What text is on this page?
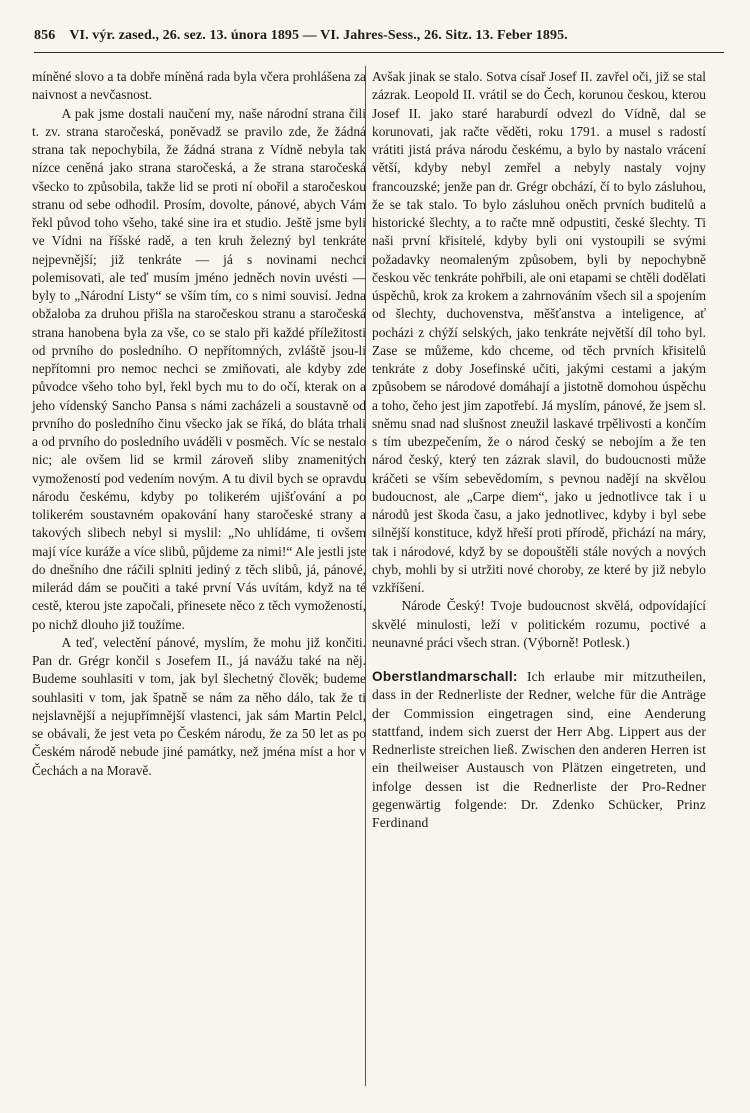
856 VI. výr. zased., 26. sez. 13. února 1895 — VI. Jahres-Sess., 26. Sitz. 13. Feber 1895.

míněné slovo a ta dobře míněná rada byla včera prohlášena za naivnost a nevčasnost.

A pak jsme dostali naučení my, naše národní strana čili t. zv. strana staročeská, poněvadž se pravilo zde, že žádná strana tak nepochybila, že žádná strana z Vídně nebyla tak nízce ceněná jako strana staročeská, a že strana staročeská všecko to způsobila, takže lid se proti ní obořil a staročeskou stranu od sebe odhodil. Prosím, dovolte, pánové, abych Vám řekl původ toho všeho, také sine ira et studio. Ještě jsme byli ve Vídni na říšské radě, a ten kruh železný byl tenkráte nejpevnější; již tenkráte — já s novinami nechci polemisovati, ale teď musím jméno jedněch novin uvésti — byly to „Národní Listy“ se vším tím, co s nimi souvisí. Jedna obžaloba za druhou přišla na staročeskou stranu a staročeská strana hanobena byla za vše, co se stalo při každé příležitosti od prvního do posledního. O nepřítomných, zvláště jsou-li nepřítomni pro nemoc nechci se zmiňovati, ale kdyby zde původce všeho toho byl, řekl bych mu to do očí, kterak on a jeho vídenský Sancho Pansa s námi zacházeli a soustavně od prvního do posledního činu všecko jak se říká, do bláta trhali a od prvního do posledního uváděli v posměch. Víc se nestalo nic; ale ovšem lid se krmil zároveň sliby znamenitých vymožeností pod vedením novým. A tu divil bych se opravdu národu českému, kdyby po tolikerém ujišťování a po tolikerém soustavném opakování hany staročeské strany a takových slibech nebyl si myslil: „No uhlídáme, ti ovšem mají více kuráže a více slibů, půjdeme za nimi!“ Ale jestli jste do dnešního dne ráčili splniti jediný z těch slibů, já, pánové, milerád dám se poučiti a také první Vás uvítám, když na té cestě, kterou jste započali, přinesete něco z těch vymožeností, po nichž dlouho již toužíme.

A teď, velectění pánové, myslím, že mohu již končiti. Pan dr. Grégr končil s Josefem II., já navážu také na něj. Budeme souhlasiti v tom, jak byl šlechetný člověk; budeme souhlasiti v tom, jak špatně se nám za něho dálo, tak že ti nejslavnější a nejupřímnější vlastenci, jak sám Martin Pelcl, se obávali, že jest veta po Českém národu, že za 50 let as po Českém národě nebude jiné památky, než jména míst a hor v Čechách a na Moravě.

Avšak jinak se stalo. Sotva císař Josef II. zavřel oči, již se stal zázrak. Leopold II. vrátil se do Čech, korunou českou, kterou Josef II. jako staré haraburdí odvezl do Vídně, dal se korunovati, jak račte věděti, roku 1791. a musel s radostí vrátiti jistá práva národu českému, a bylo by nastalo vrácení větší, kdyby nebyl zemřel a nebyly nastaly vojny francouzské; jenže pan dr. Grégr obchází, čí to bylo zásluhou, že se tak stalo. To bylo zásluhou oněch prvních buditelů a historické šlechty, a to račte mně odpustiti, české šlechty. Ti naši první křisitelé, kdyby byli oni vystoupili se svými požadavky neomaleným způsobem, byli by nepochybně českou věc tenkráte pohřbili, ale oni etapami se chtěli dodělati úspěchů, krok za krokem a zahrnováním všech sil a spojením od šlechty, duchovenstva, měšťanstva a inteligence, ať pocházi z chýží selských, jako tenkráte největší díl toho byl. Zase se můžeme, kdo chceme, od těch prvních křisitelů tenkráte z doby Josefinské učiti, jakými cestami a jakým způsobem se národové domáhají a jistotně domohou úspěchu a toho, čeho jest jim zapotřebí. Já myslím, pánové, že jsem sl. sněmu snad nad slušnost zneužil laskavé trpělivosti a končím s tím ubezpečením, že o národ český se nebojím a že ten národ český, který ten zázrak slavil, do budoucnosti může kráčeti se vším sebevědomím, s pevnou nadějí na skvělou budoucnost, ale „Carpe diem“, jako u jednotlivce tak i u národů jest škoda času, a jako jednotlivec, kdyby i byl sebe silnější konstituce, když hřeší proti přírodě, přichází na máry, tak i národové, když by se dopouštěli stále nových a nových chyb, mohli by si utržiti nové choroby, ze které by již nebylo vzkříšení.

Národe Český! Tvoje budoucnost skvělá, odpovídající skvělé minulosti, leží v politickém rozumu, poctivé a neunavné práci všech stran. (Výborně! Potlesk.)

Oberstlandmarschall: Ich erlaube mir mitzutheilen, dass in der Rednerliste der Redner, welche für die Anträge der Commission eingetragen sind, eine Aenderung stattfand, indem sich zuerst der Herr Abg. Lippert aus der Rednerliste streichen ließ. Zwischen den anderen Herren ist ein theilweiser Austausch von Plätzen eingetreten, und infolge dessen ist die Rednerliste der Pro-Redner gegenwärtig folgende: Dr. Zdenko Schücker, Prinz Ferdinand
